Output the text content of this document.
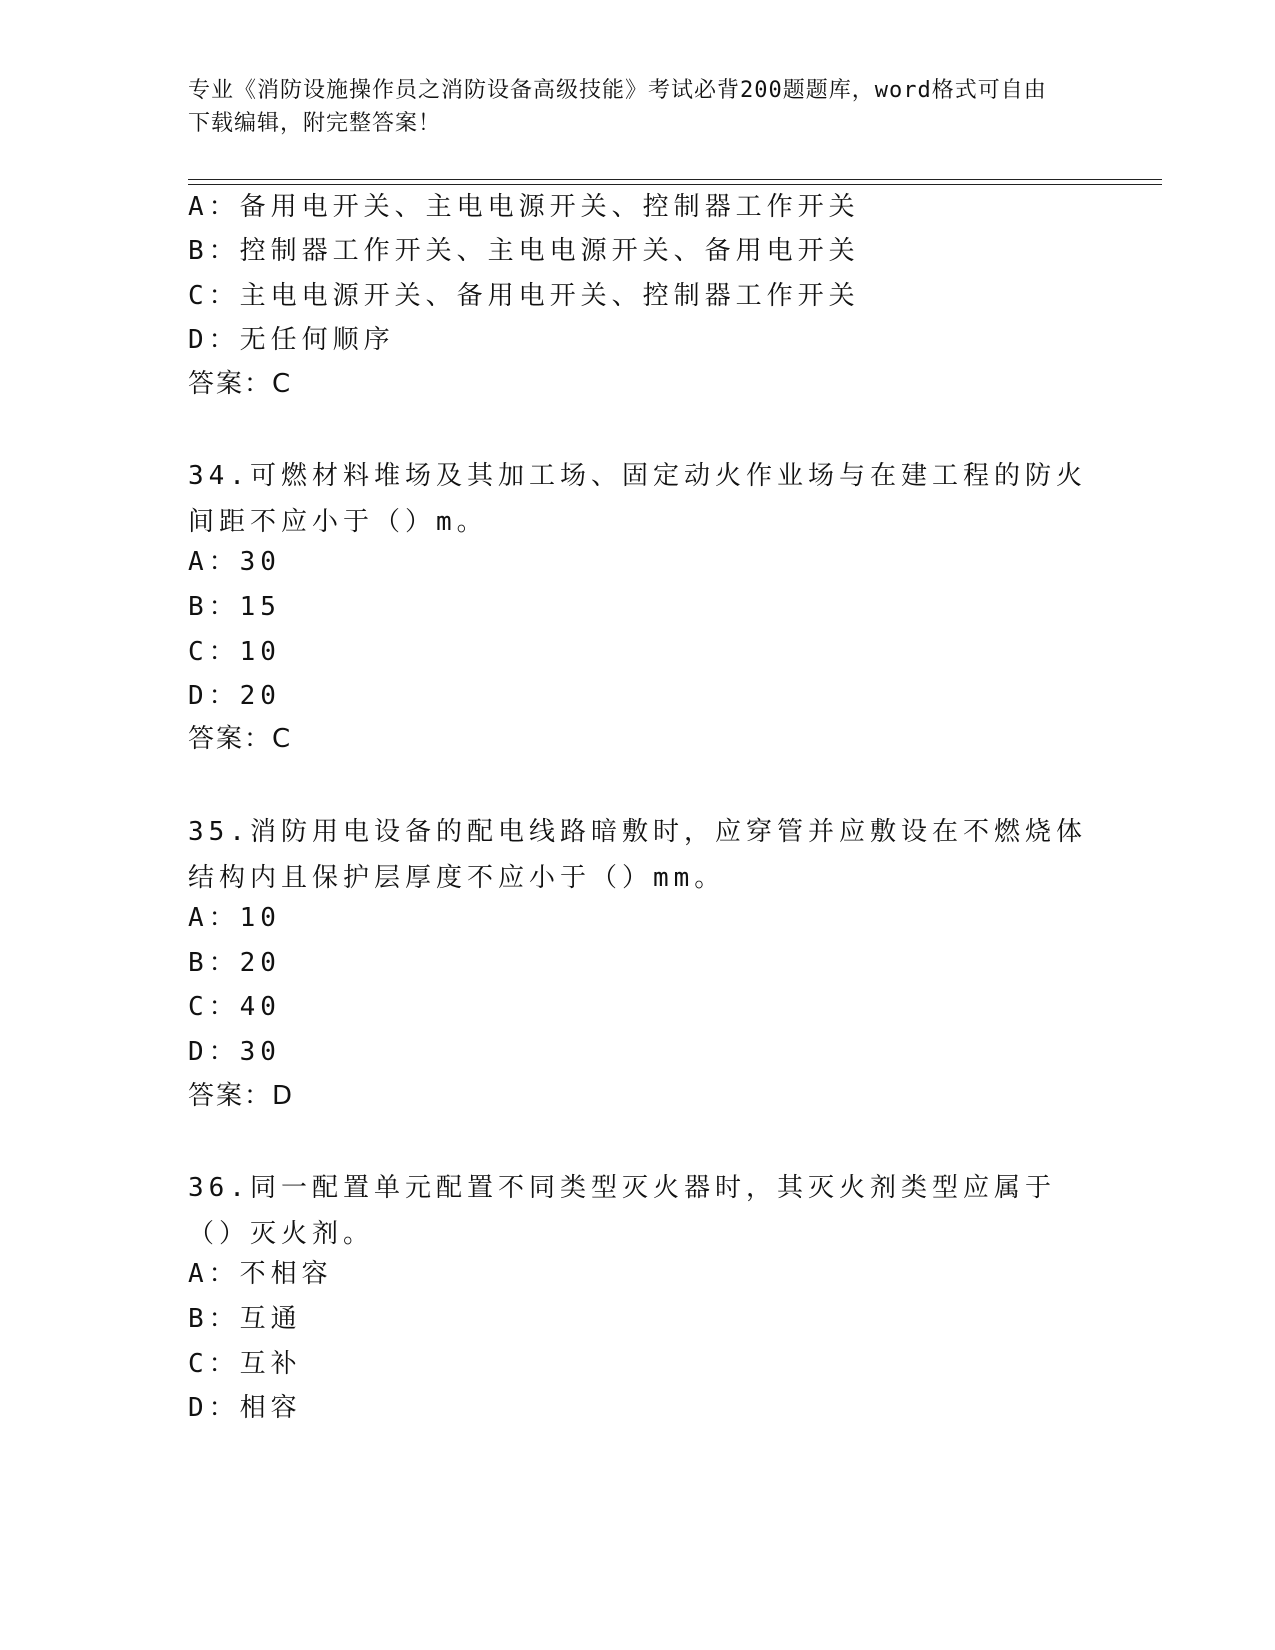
专业《消防设施操作员之消防设备高级技能》考试必背200题题库，word格式可自由下载编辑，附完整答案！
A：备用电开关、主电电源开关、控制器工作开关
B：控制器工作开关、主电电源开关、备用电开关
C：主电电源开关、备用电开关、控制器工作开关
D：无任何顺序
答案：C
34.可燃材料堆场及其加工场、固定动火作业场与在建工程的防火间距不应小于（）m。
A：30
B：15
C：10
D：20
答案：C
35.消防用电设备的配电线路暗敷时，应穿管并应敷设在不燃烧体结构内且保护层厚度不应小于（）mm。
A：10
B：20
C：40
D：30
答案：D
36.同一配置单元配置不同类型灭火器时，其灭火剂类型应属于（）灭火剂。
A：不相容
B：互通
C：互补
D：相容
